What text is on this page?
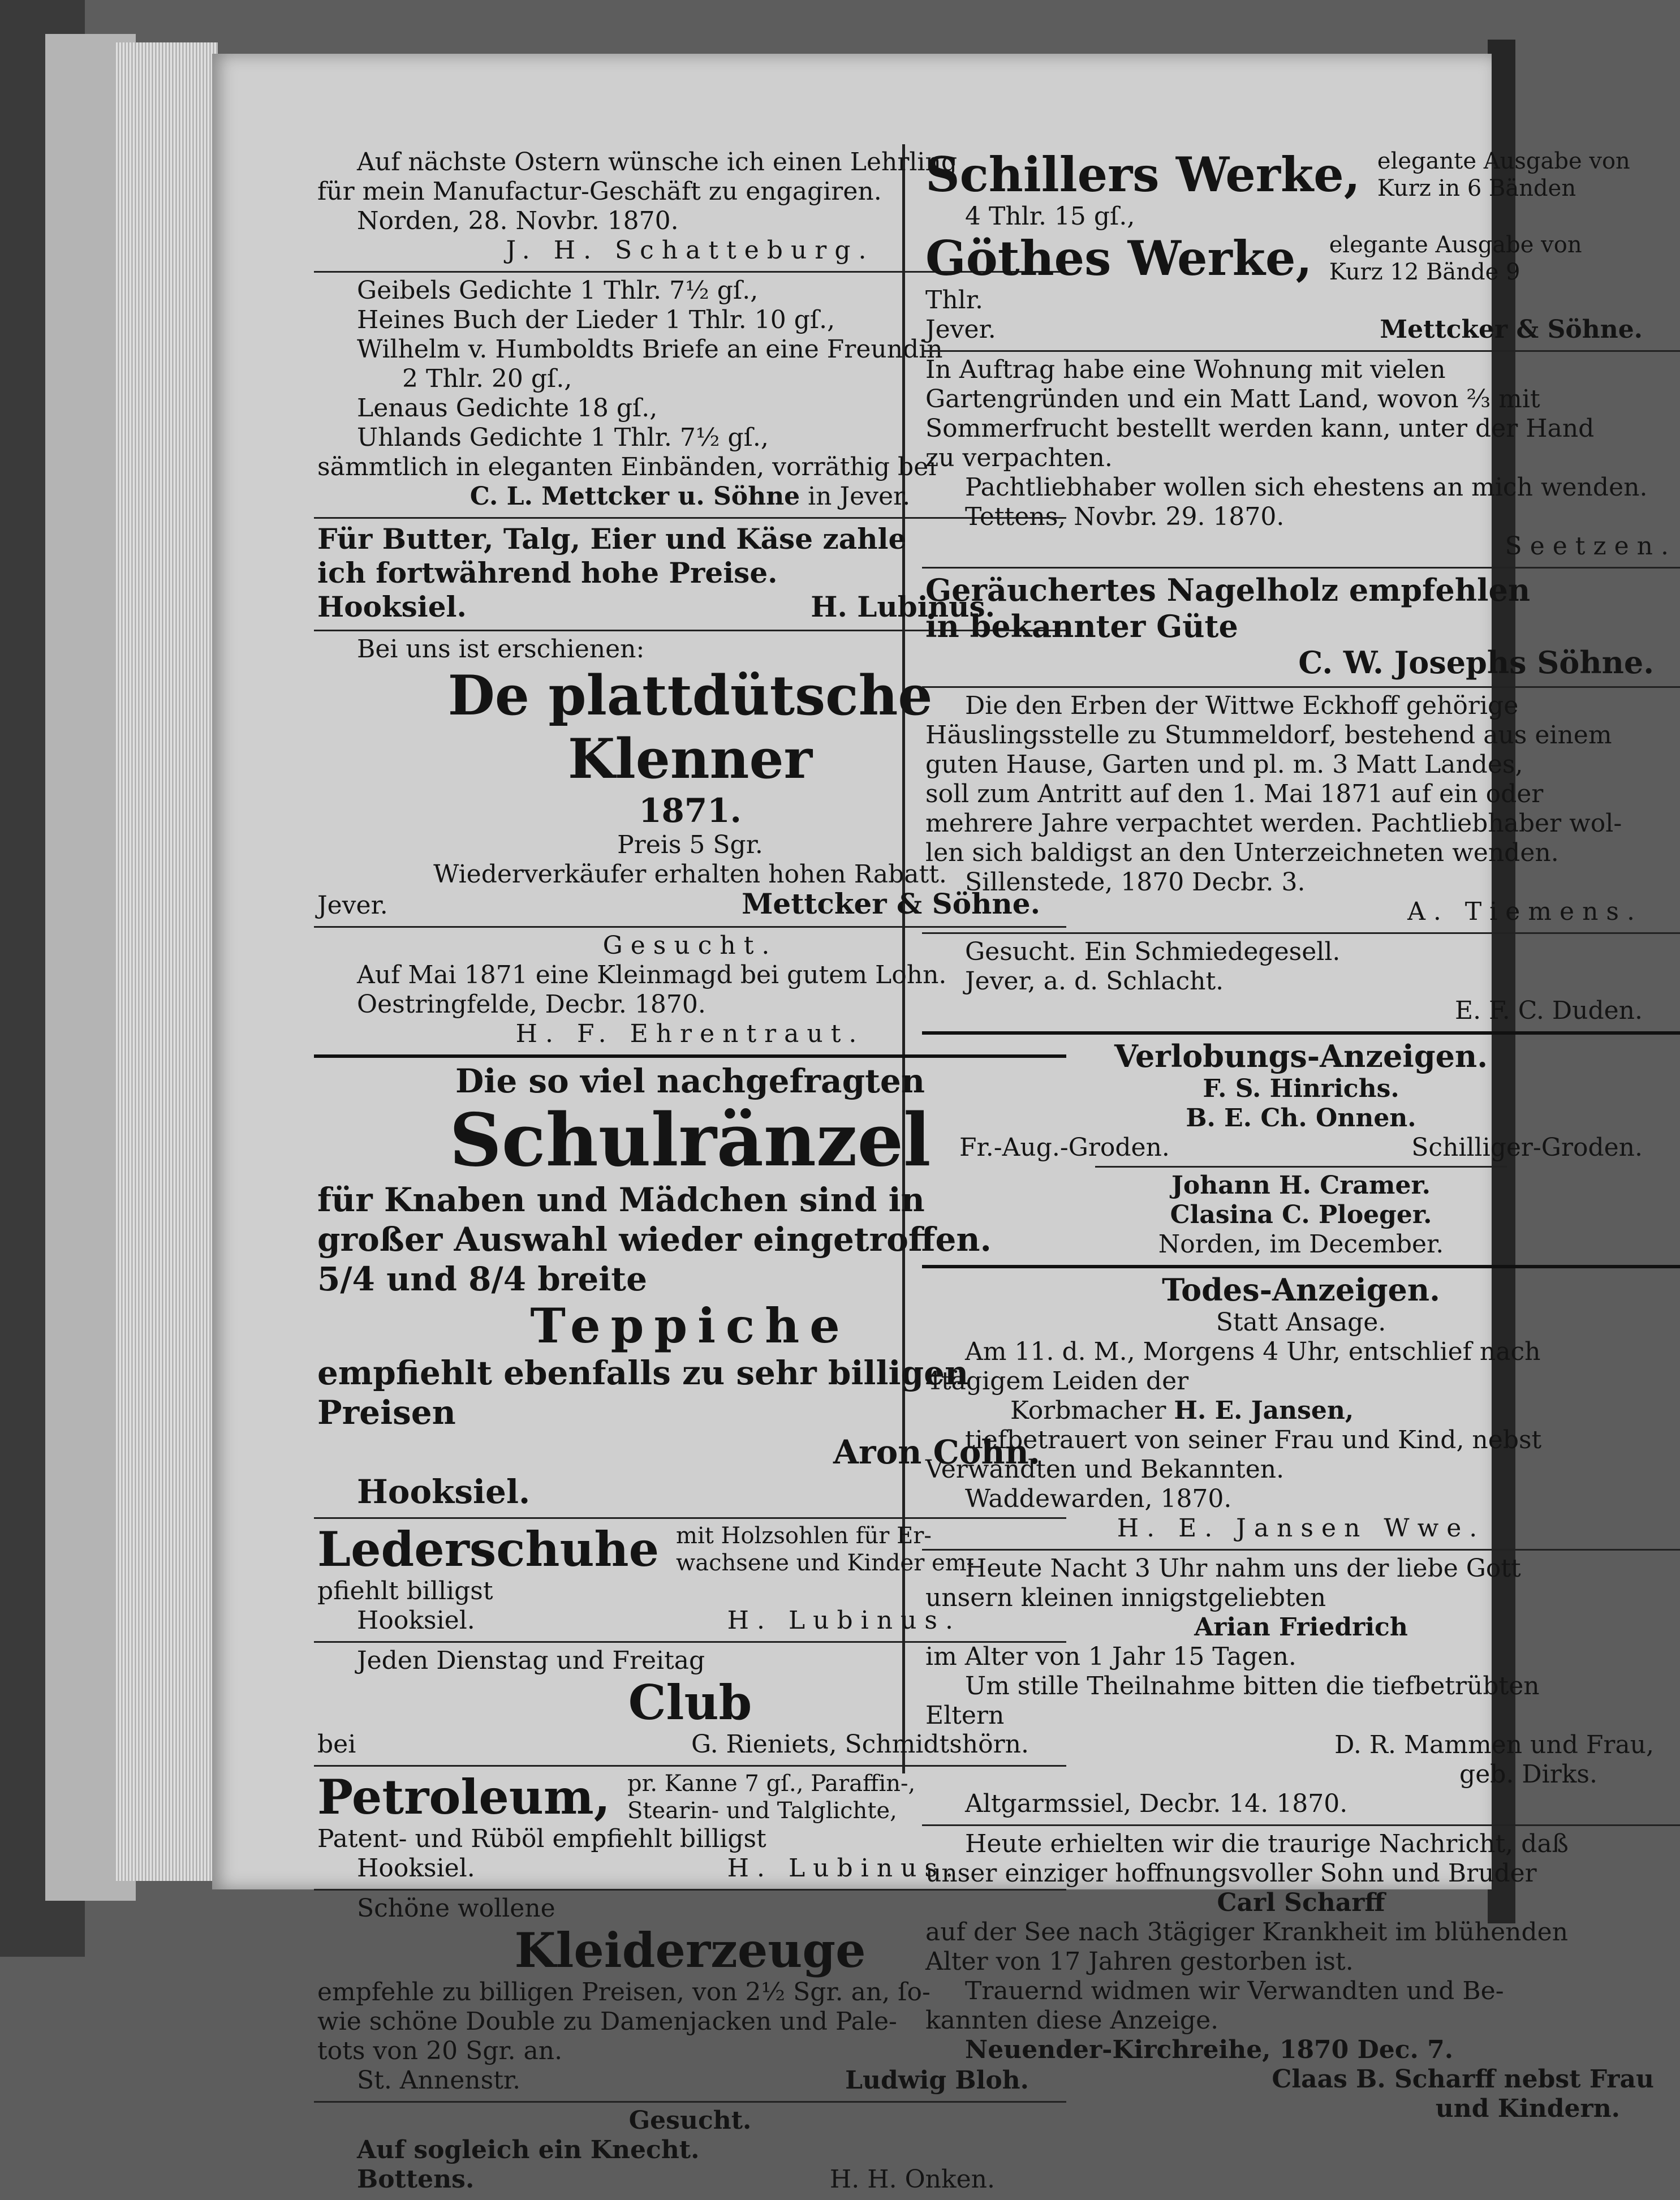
Auf nächste Ostern wünsche ich einen Lehrling

für mein Manufactur-Geschäft zu engagiren.

Norden, 28. Novbr. 1870.

J. H. Schatteburg.

Geibels Gedichte 1 Thlr. 7½ gſ.,

Heines Buch der Lieder 1 Thlr. 10 gſ.,

Wilhelm v. Humboldts Briefe an eine Freundin

2 Thlr. 20 gſ.,

Lenaus Gedichte 18 gſ.,

Uhlands Gedichte 1 Thlr. 7½ gſ.,

sämmtlich in eleganten Einbänden, vorräthig bei

C. L. Mettcker u. Söhne in Jever.

Für Butter, Talg, Eier und Käse zahle

ich fortwährend hohe Preise.

Hooksiel.	H. Lubinus.

Bei uns ist erschienen:

De plattdütsche Klenner

1871.

Preis 5 Sgr.

Wiederverkäufer erhalten hohen Rabatt.

Jever.	Mettcker & Söhne.

Gesucht.

Auf Mai 1871 eine Kleinmagd bei gutem Lohn.

Oestringfelde, Decbr. 1870.

H. F. Ehrentraut.

Die so viel nachgefragten

Schulränzel

für Knaben und Mädchen sind in

großer Auswahl wieder eingetroffen.

5/4 und 8/4 breite

Teppiche

empfiehlt ebenfalls zu sehr billigen

Preisen

Aron Cohn.

Hooksiel.

Lederschuhe mit Holzsohlen für Er-
wachsene und Kinder em-

pfiehlt billigst

Hooksiel.	H. Lubinus.

Jeden Dienstag und Freitag

Club

bei	G. Rieniets, Schmidtshörn.
Petroleum, pr. Kanne 7 gſ., Paraffin-,
Stearin- und Talglichte,

Patent- und Rüböl empfiehlt billigst

Hooksiel.	H. Lubinus.

Schöne wollene

Kleiderzeuge

empfehle zu billigen Preisen, von 2½ Sgr. an, ſo-

wie schöne Double zu Damenjacken und Pale-

tots von 20 Sgr. an.

St. Annenstr.	Ludwig Bloh.

Gesucht.

Auf sogleich ein Knecht.

Bottens.	H. H. Onken.
Schillers Werke, elegante Ausgabe von
Kurz in 6 Bänden

4 Thlr. 15 gſ.,

Göthes Werke, elegante Ausgabe von
Kurz 12 Bände 9

Thlr.

Jever.	Mettcker & Söhne.

In Auftrag habe eine Wohnung mit vielen

Gartengründen und ein Matt Land, wovon ⅔ mit

Sommerfrucht bestellt werden kann, unter der Hand

zu verpachten.

Pachtliebhaber wollen sich ehestens an mich wenden.

Tettens, Novbr. 29. 1870.

Seetzen.

Geräuchertes Nagelholz empfehlen

in bekannter Güte

C. W. Josephs Söhne.

Die den Erben der Wittwe Eckhoff gehörige

Häuslingsstelle zu Stummeldorf, bestehend aus einem

guten Hause, Garten und pl. m. 3 Matt Landes,

soll zum Antritt auf den 1. Mai 1871 auf ein oder

mehrere Jahre verpachtet werden. Pachtliebhaber wol-

len sich baldigst an den Unterzeichneten wenden.

Sillenstede, 1870 Decbr. 3.

A. Tiemens.

Gesucht. Ein Schmiedegesell.

Jever, a. d. Schlacht.

E. F. C. Duden.

Verlobungs-Anzeigen.

F. S. Hinrichs.

B. E. Ch. Onnen.

Fr.-Aug.-Groden.	Schilliger-Groden.

Johann H. Cramer.

Clasina C. Ploeger.

Norden, im December.

Todes-Anzeigen.

Statt Ansage.

Am 11. d. M., Morgens 4 Uhr, entschlief nach

4tägigem Leiden der

Korbmacher H. E. Jansen,

tiefbetrauert von seiner Frau und Kind, nebst

Verwandten und Bekannten.

Waddewarden, 1870.

H. E. Jansen Wwe.

Heute Nacht 3 Uhr nahm uns der liebe Gott

unsern kleinen innigstgeliebten

Arian Friedrich

im Alter von 1 Jahr 15 Tagen.

Um stille Theilnahme bitten die tiefbetrübten

Eltern

D. R. Mammen und Frau,

geb. Dirks.

Altgarmssiel, Decbr. 14. 1870.

Heute erhielten wir die traurige Nachricht, daß

unser einziger hoffnungsvoller Sohn und Bruder

Carl Scharff

auf der See nach 3tägiger Krankheit im blühenden

Alter von 17 Jahren gestorben ist.

Trauernd widmen wir Verwandten und Be-

kannten diese Anzeige.

Neuender-Kirchreihe, 1870 Dec. 7.

Claas B. Scharff nebst Frau

und Kindern.
